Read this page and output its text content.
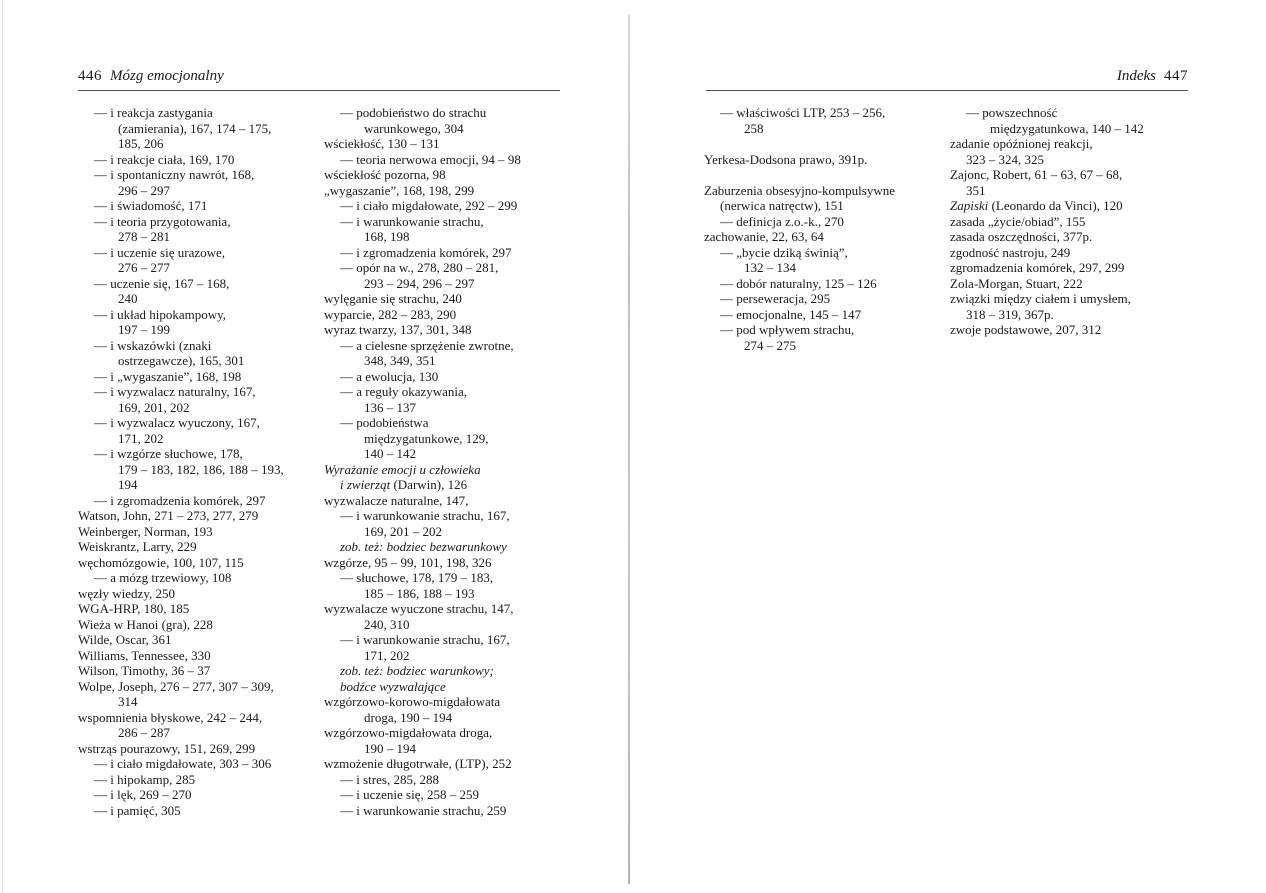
446 Mózg emocjonalny	Indeks 447
— i reakcja zastygania
(zamierania), 167, 174 – 175,
185, 206
— i reakcje ciała, 169, 170
— i spontaniczny nawrót, 168,
296 – 297
— i świadomość, 171
— i teoria przygotowania,
278 – 281
— i uczenie się urazowe,
276 – 277
— uczenie się, 167 – 168,
240
— i układ hipokampowy,
197 – 199
— i wskazówki (znaki
ostrzegawcze), 165, 301
— i „wygaszanie”, 168, 198
— i wyzwalacz naturalny, 167,
169, 201, 202
— i wyzwalacz wyuczony, 167,
171, 202
— i wzgórze słuchowe, 178,
179 – 183, 182, 186, 188 – 193,
194
— i zgromadzenia komórek, 297
Watson, John, 271 – 273, 277, 279
Weinberger, Norman, 193
Weiskrantz, Larry, 229
węchomózgowie, 100, 107, 115
— a mózg trzewiowy, 108
węzły wiedzy, 250
WGA-HRP, 180, 185
Wieża w Hanoi (gra), 228
Wilde, Oscar, 361
Williams, Tennessee, 330
Wilson, Timothy, 36 – 37
Wolpe, Joseph, 276 – 277, 307 – 309,
314
wspomnienia błyskowe, 242 – 244,
286 – 287
wstrząs pourazowy, 151, 269, 299
— i ciało migdałowate, 303 – 306
— i hipokamp, 285
— i lęk, 269 – 270
— i pamięć, 305
— podobieństwo do strachu
warunkowego, 304
wściekłość, 130 – 131
— teoria nerwowa emocji, 94 – 98
wściekłość pozorna, 98
„wygaszanie”, 168, 198, 299
— i ciało migdałowate, 292 – 299
— i warunkowanie strachu,
168, 198
— i zgromadzenia komórek, 297
— opór na w., 278, 280 – 281,
293 – 294, 296 – 297
wylęganie się strachu, 240
wyparcie, 282 – 283, 290
wyraz twarzy, 137, 301, 348
— a cielesne sprzężenie zwrotne,
348, 349, 351
— a ewolucja, 130
— a reguły okazywania,
136 – 137
— podobieństwa
międzygatunkowe, 129,
140 – 142
Wyrażanie emocji u człowieka
i zwierząt (Darwin), 126
wyzwalacze naturalne, 147,
— i warunkowanie strachu, 167,
169, 201 – 202
zob. też: bodziec bezwarunkowy
wzgórze, 95 – 99, 101, 198, 326
— słuchowe, 178, 179 – 183,
185 – 186, 188 – 193
wyzwalacze wyuczone strachu, 147,
240, 310
— i warunkowanie strachu, 167,
171, 202
zob. też: bodziec warunkowy;
bodźce wyzwalające
wzgórzowo-korowo-migdałowata
droga, 190 – 194
wzgórzowo-migdałowata droga,
190 – 194
wzmożenie długotrwałe, (LTP), 252
— i stres, 285, 288
— i uczenie się, 258 – 259
— i warunkowanie strachu, 259
— właściwości LTP, 253 – 256,
258
Yerkesa-Dodsona prawo, 391p.
Zaburzenia obsesyjno-kompulsywne
(nerwica natręctw), 151
— definicja z.o.-k., 270
zachowanie, 22, 63, 64
— „bycie dziką świnią”,
132 – 134
— dobór naturalny, 125 – 126
— perseweracja, 295
— emocjonalne, 145 – 147
— pod wpływem strachu,
274 – 275
— powszechność
międzygatunkowa, 140 – 142
zadanie opóźnionej reakcji,
323 – 324, 325
Zajonc, Robert, 61 – 63, 67 – 68,
351
Zapiski (Leonardo da Vinci), 120
zasada „życie/obiad”, 155
zasada oszczędności, 377p.
zgodność nastroju, 249
zgromadzenia komórek, 297, 299
Zola-Morgan, Stuart, 222
związki między ciałem i umysłem,
318 – 319, 367p.
zwoje podstawowe, 207, 312
